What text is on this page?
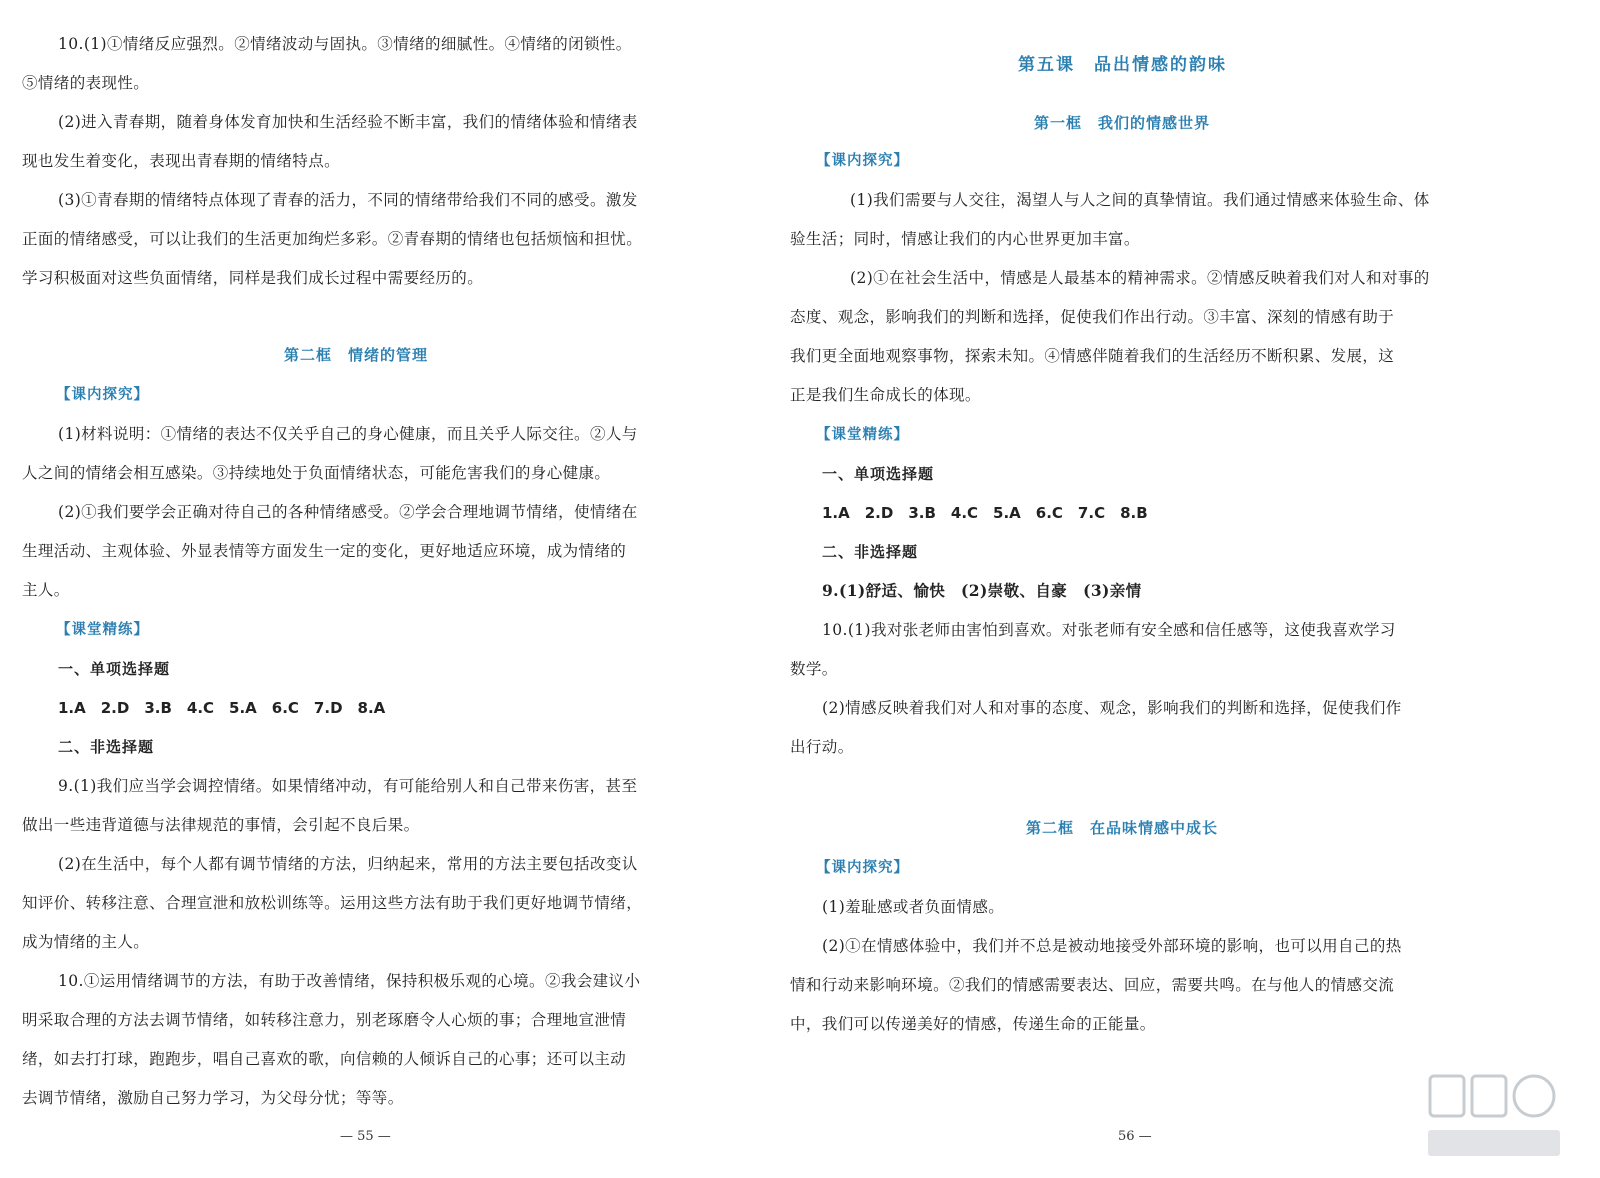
10.(1)①情绪反应强烈。②情绪波动与固执。③情绪的细腻性。④情绪的闭锁性。
⑤情绪的表现性。
(2)进入青春期，随着身体发育加快和生活经验不断丰富，我们的情绪体验和情绪表
现也发生着变化，表现出青春期的情绪特点。
(3)①青春期的情绪特点体现了青春的活力，不同的情绪带给我们不同的感受。激发
正面的情绪感受，可以让我们的生活更加绚烂多彩。②青春期的情绪也包括烦恼和担忧。
学习积极面对这些负面情绪，同样是我们成长过程中需要经历的。
第二框　情绪的管理
【课内探究】
(1)材料说明：①情绪的表达不仅关乎自己的身心健康，而且关乎人际交往。②人与
人之间的情绪会相互感染。③持续地处于负面情绪状态，可能危害我们的身心健康。
(2)①我们要学会正确对待自己的各种情绪感受。②学会合理地调节情绪，使情绪在
生理活动、主观体验、外显表情等方面发生一定的变化，更好地适应环境，成为情绪的
主人。
【课堂精练】
一、单项选择题
1.A　2.D　3.B　4.C　5.A　6.C　7.D　8.A
二、非选择题
9.(1)我们应当学会调控情绪。如果情绪冲动，有可能给别人和自己带来伤害，甚至
做出一些违背道德与法律规范的事情，会引起不良后果。
(2)在生活中，每个人都有调节情绪的方法，归纳起来，常用的方法主要包括改变认
知评价、转移注意、合理宣泄和放松训练等。运用这些方法有助于我们更好地调节情绪，
成为情绪的主人。
10.①运用情绪调节的方法，有助于改善情绪，保持积极乐观的心境。②我会建议小
明采取合理的方法去调节情绪，如转移注意力，别老琢磨令人心烦的事；合理地宣泄情
绪，如去打打球，跑跑步，唱自己喜欢的歌，向信赖的人倾诉自己的心事；还可以主动
去调节情绪，激励自己努力学习，为父母分忧；等等。
— 55 —
第五课　品出情感的韵味
第一框　我们的情感世界
【课内探究】
(1)我们需要与人交往，渴望人与人之间的真挚情谊。我们通过情感来体验生命、体
验生活；同时，情感让我们的内心世界更加丰富。
(2)①在社会生活中，情感是人最基本的精神需求。②情感反映着我们对人和对事的
态度、观念，影响我们的判断和选择，促使我们作出行动。③丰富、深刻的情感有助于
我们更全面地观察事物，探索未知。④情感伴随着我们的生活经历不断积累、发展，这
正是我们生命成长的体现。
【课堂精练】
一、单项选择题
1.A　2.D　3.B　4.C　5.A　6.C　7.C　8.B
二、非选择题
9.(1)舒适、愉快　(2)崇敬、自豪　(3)亲情
10.(1)我对张老师由害怕到喜欢。对张老师有安全感和信任感等，这使我喜欢学习
数学。
(2)情感反映着我们对人和对事的态度、观念，影响我们的判断和选择，促使我们作
出行动。
第二框　在品味情感中成长
【课内探究】
(1)羞耻感或者负面情感。
(2)①在情感体验中，我们并不总是被动地接受外部环境的影响，也可以用自己的热
情和行动来影响环境。②我们的情感需要表达、回应，需要共鸣。在与他人的情感交流
中，我们可以传递美好的情感，传递生命的正能量。
56 —
